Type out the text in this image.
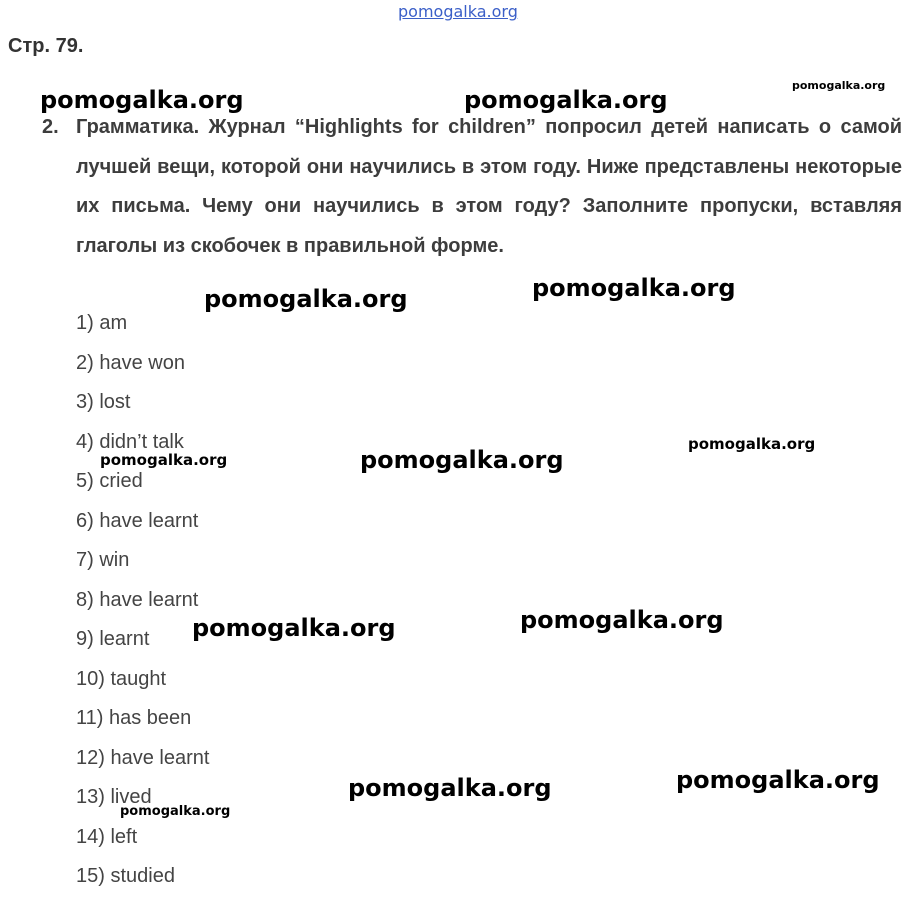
Стр. 79.
2. Грамматика. Журнал “Highlights for children” попросил детей написать о самой лучшей вещи, которой они научились в этом году. Ниже представлены некоторые их письма. Чему они научились в этом году? Заполните пропуски, вставляя глаголы из скобочек в правильной форме.
1) am
2) have won
3) lost
4) didn’t talk
5) cried
6) have learnt
7) win
8) have learnt
9) learnt
10) taught
11) has been
12) have learnt
13) lived
14) left
15) studied
pomogalka.org
pomogalka.org	pomogalka.org
pomogalka.org
pomogalka.org	pomogalka.org
pomogalka.org	pomogalka.org
pomogalka.org
pomogalka.org	pomogalka.org
pomogalka.org	pomogalka.org
pomogalka.org
